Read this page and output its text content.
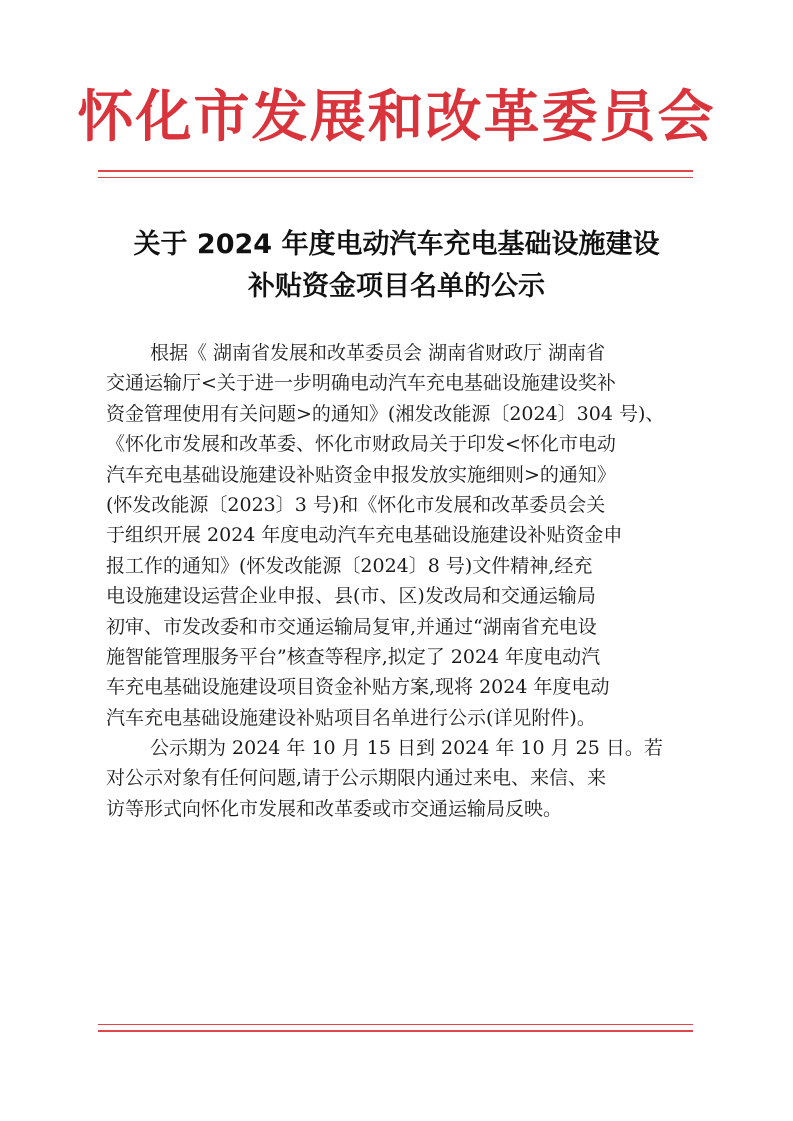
怀化市发展和改革委员会
关于 2024 年度电动汽车充电基础设施建设
补贴资金项目名单的公示
根据《 湖南省发展和改革委员会 湖南省财政厅 湖南省
交通运输厅<关于进一步明确电动汽车充电基础设施建设奖补
资金管理使用有关问题>的通知》(湘发改能源〔2024〕304 号)、
《怀化市发展和改革委、怀化市财政局关于印发<怀化市电动
汽车充电基础设施建设补贴资金申报发放实施细则>的通知》
(怀发改能源〔2023〕3 号)和《怀化市发展和改革委员会关
于组织开展 2024 年度电动汽车充电基础设施建设补贴资金申
报工作的通知》(怀发改能源〔2024〕8 号)文件精神,经充
电设施建设运营企业申报、县(市、区)发改局和交通运输局
初审、市发改委和市交通运输局复审,并通过“湖南省充电设
施智能管理服务平台”核查等程序,拟定了 2024 年度电动汽
车充电基础设施建设项目资金补贴方案,现将 2024 年度电动
汽车充电基础设施建设补贴项目名单进行公示(详见附件)。
公示期为 2024 年 10 月 15 日到 2024 年 10 月 25 日。若
对公示对象有任何问题,请于公示期限内通过来电、来信、来
访等形式向怀化市发展和改革委或市交通运输局反映。
